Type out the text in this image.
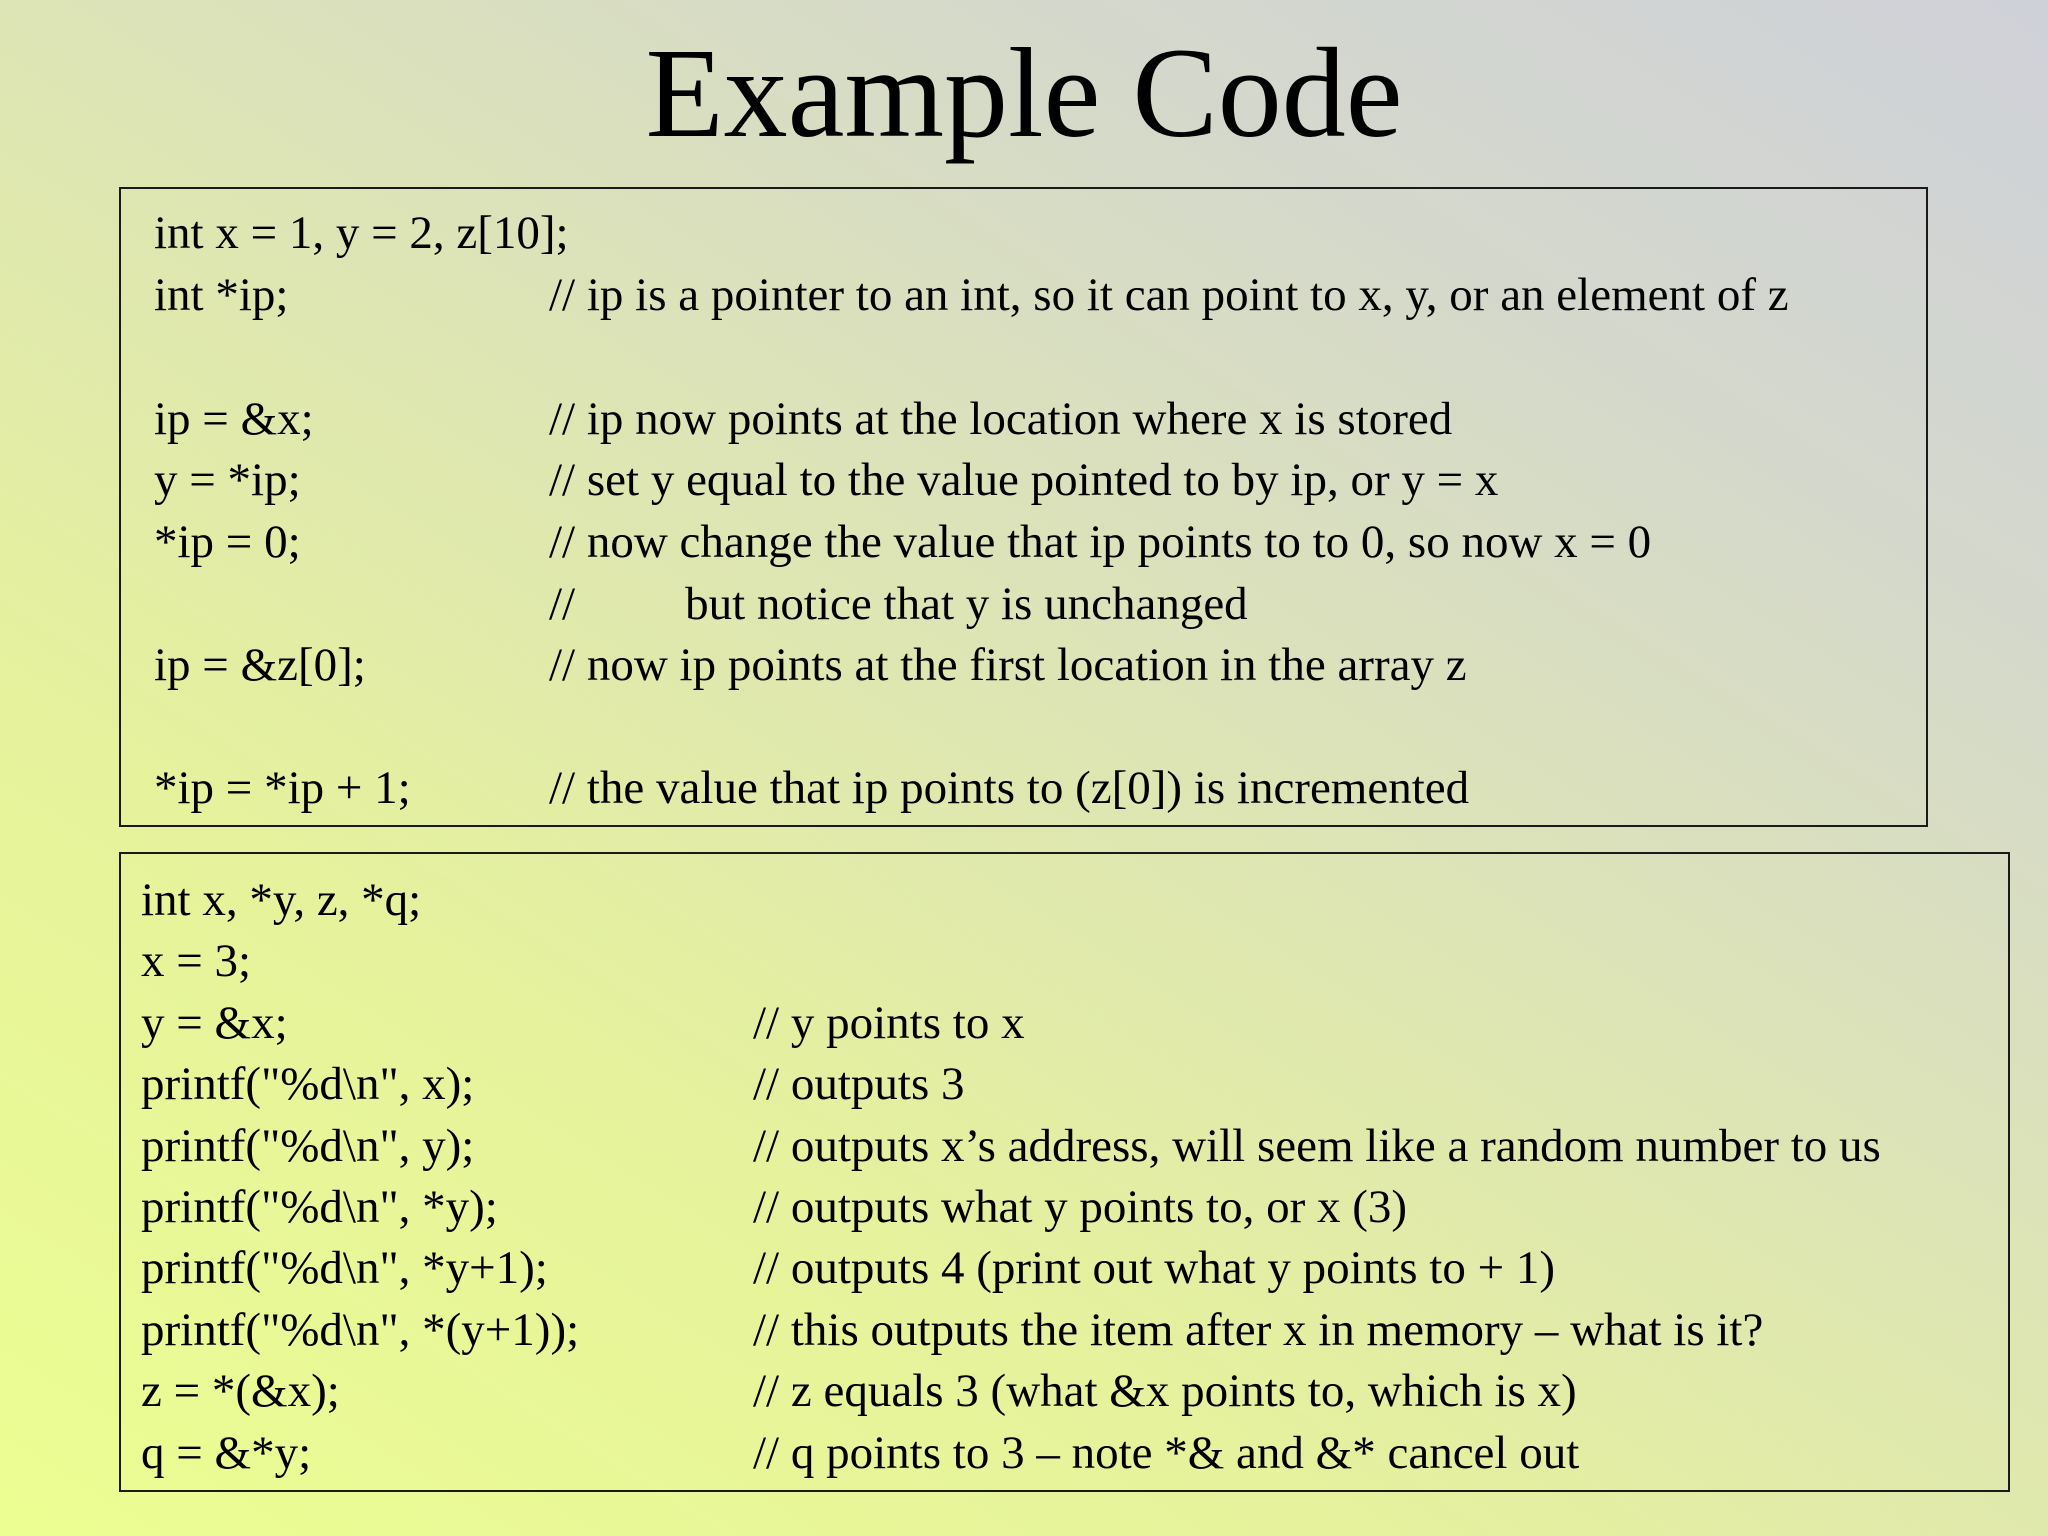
Example Code
int x = 1, y = 2, z[10];
int *ip;	// ip is a pointer to an int, so it can point to x, y, or an element of z
ip = &x;	// ip now points at the location where x is stored
y = *ip;	// set y equal to the value pointed to by ip, or y = x
*ip = 0;	// now change the value that ip points to to 0, so now x = 0
// but notice that y is unchanged
ip = &z[0];	// now ip points at the first location in the array z
*ip = *ip + 1;	// the value that ip points to (z[0]) is incremented
int x, *y, z, *q;
x = 3;
y = &x;	// y points to x
printf("%d\n", x);	// outputs 3
printf("%d\n", y);	// outputs x’s address, will seem like a random number to us
printf("%d\n", *y);	// outputs what y points to, or x (3)
printf("%d\n", *y+1);	// outputs 4 (print out what y points to + 1)
printf("%d\n", *(y+1));	// this outputs the item after x in memory – what is it?
z = *(&x);	// z equals 3 (what &x points to, which is x)
q = &*y;	// q points to 3 – note *& and &* cancel out
